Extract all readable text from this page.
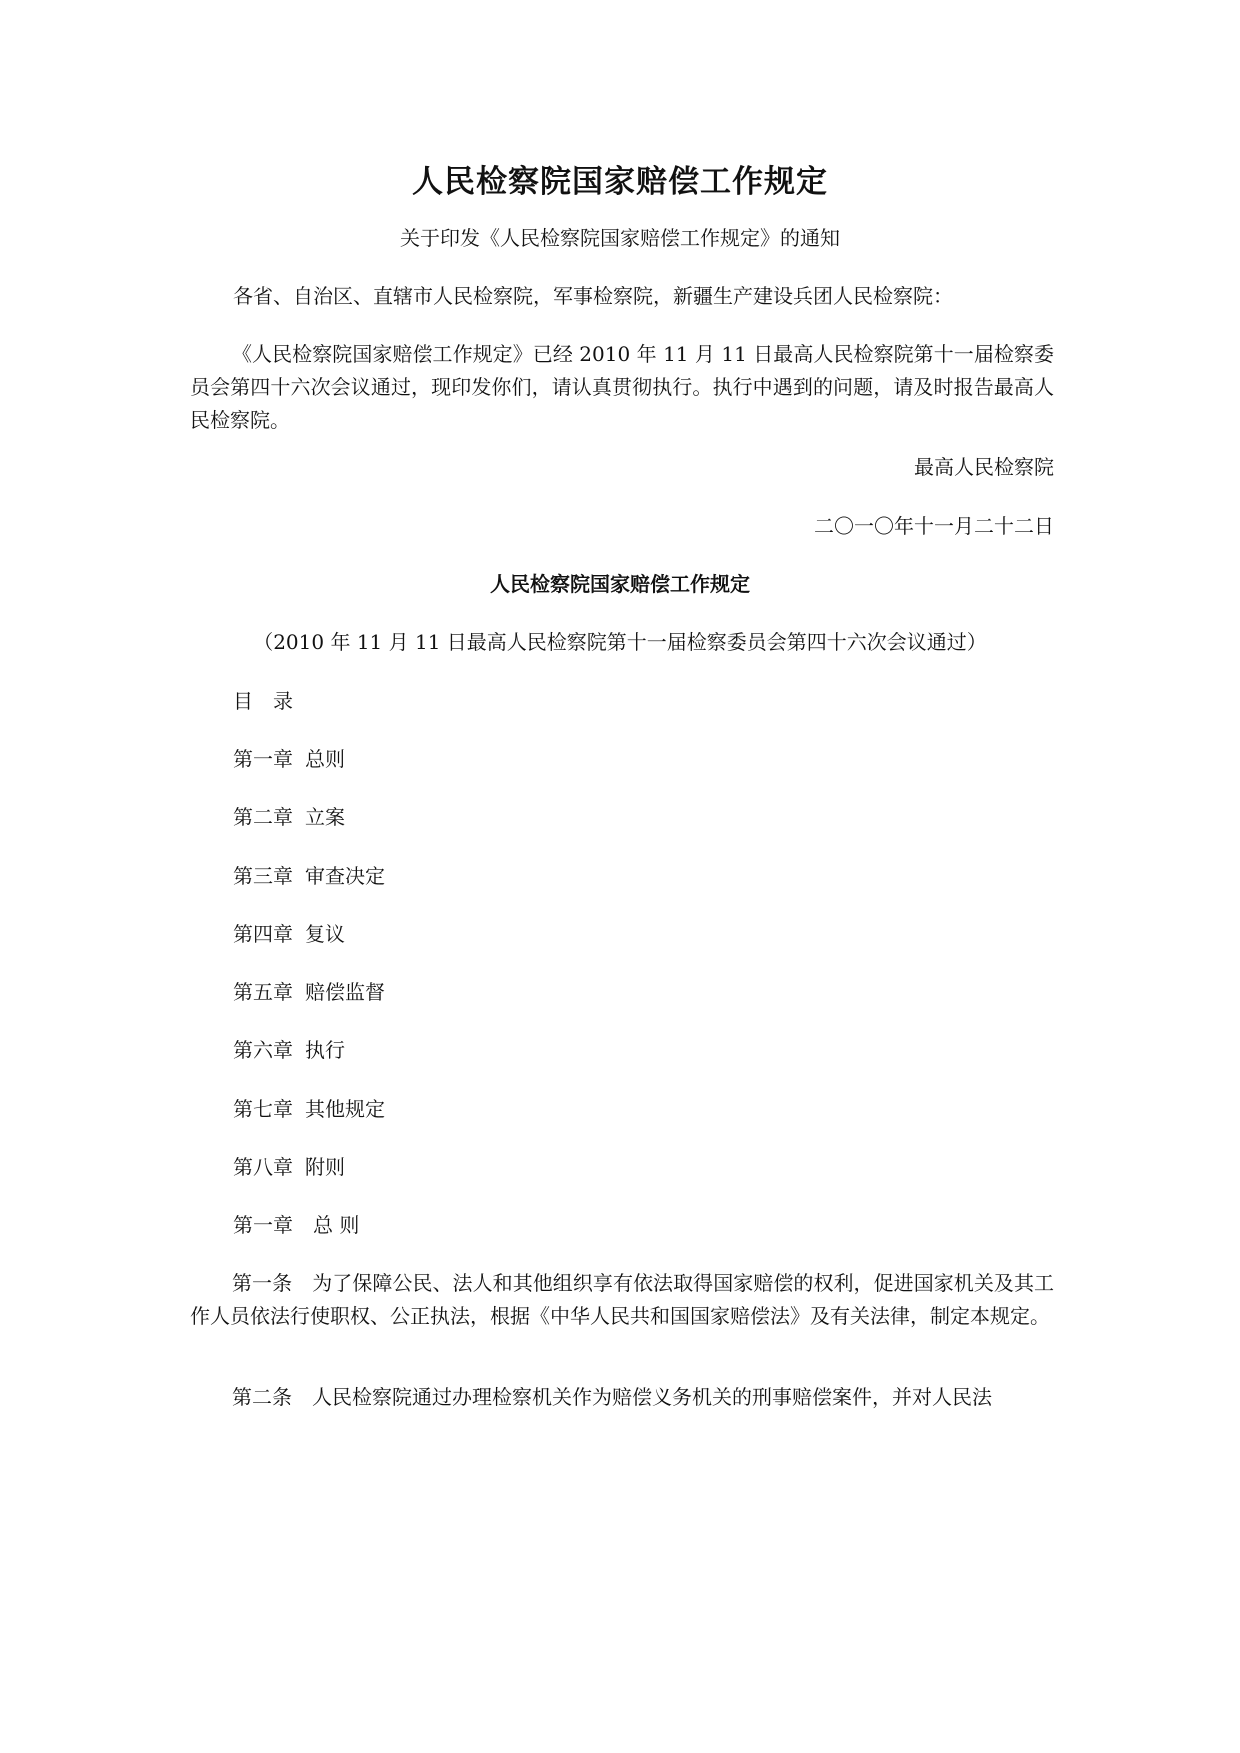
人民检察院国家赔偿工作规定
关于印发《人民检察院国家赔偿工作规定》的通知
各省、自治区、直辖市人民检察院，军事检察院，新疆生产建设兵团人民检察院：
《人民检察院国家赔偿工作规定》已经 2010 年 11 月 11 日最高人民检察院第十一届检察委员会第四十六次会议通过，现印发你们，请认真贯彻执行。执行中遇到的问题，请及时报告最高人民检察院。
最高人民检察院
二〇一〇年十一月二十二日
人民检察院国家赔偿工作规定
（2010 年 11 月 11 日最高人民检察院第十一届检察委员会第四十六次会议通过）
目　录
第一章 总则
第二章 立案
第三章 审查决定
第四章 复议
第五章 赔偿监督
第六章 执行
第七章 其他规定
第八章 附则
第一章　总 则
第一条　为了保障公民、法人和其他组织享有依法取得国家赔偿的权利，促进国家机关及其工作人员依法行使职权、公正执法，根据《中华人民共和国国家赔偿法》及有关法律，制定本规定。
第二条　人民检察院通过办理检察机关作为赔偿义务机关的刑事赔偿案件，并对人民法
